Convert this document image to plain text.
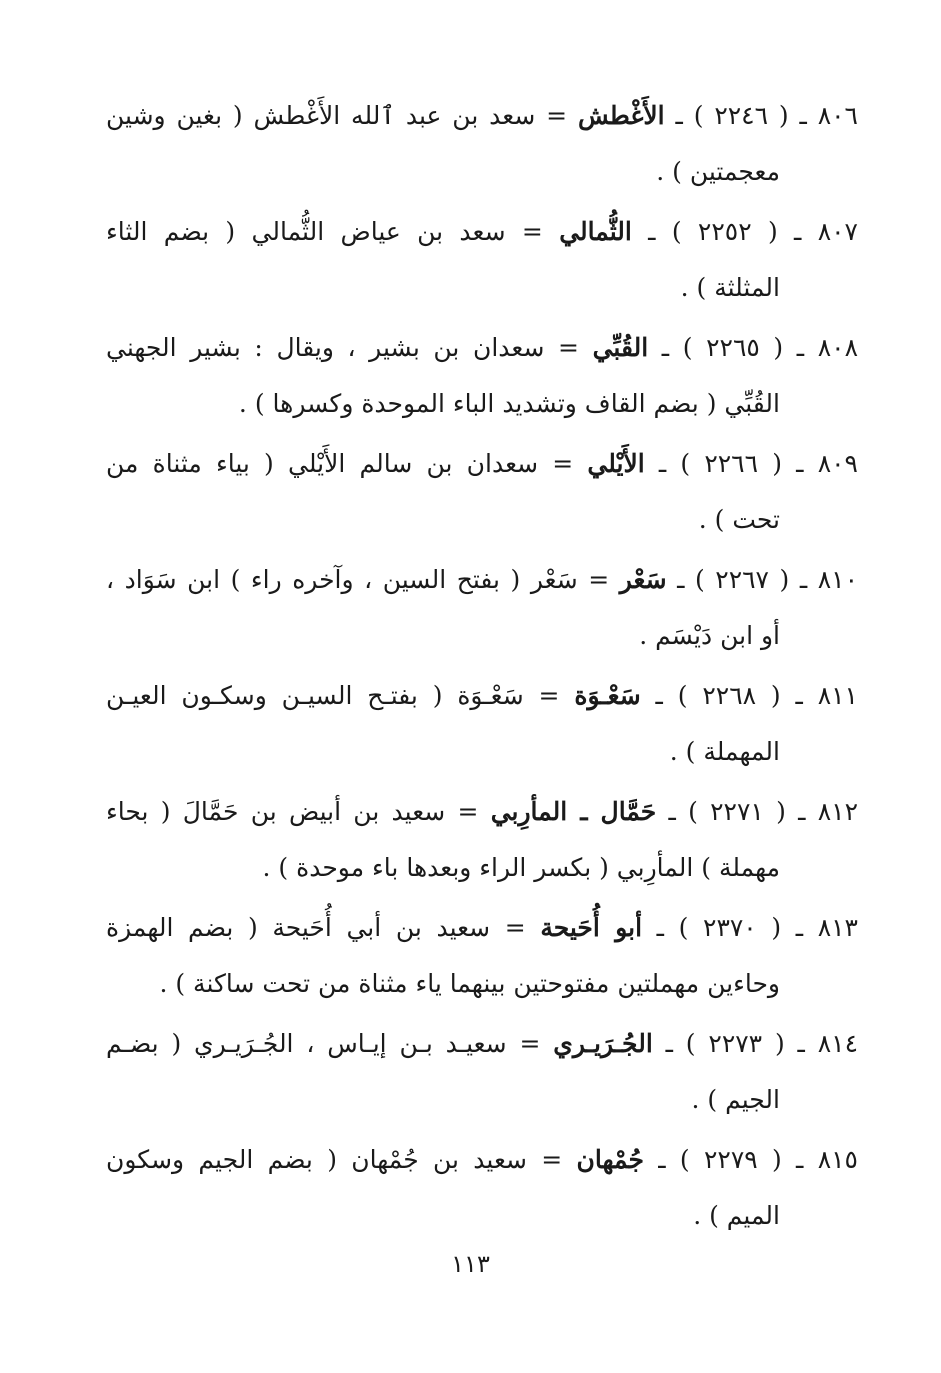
٨٠٦ ـ ( ٢٢٤٦ ) ـ الأَغْطش = سعد بن عبد ٱلله الأَغْطش ( بغين وشين
معجمتين ) .
٨٠٧ ـ ( ٢٢٥٢ ) ـ الثُّمالي = سعد بن عياض الثُّمالي ( بضم الثاء
المثلثة ) .
٨٠٨ ـ ( ٢٢٦٥ ) ـ القُبِّي = سعدان بن بشير ، ويقال : بشير الجهني
القُبِّي ( بضم القاف وتشديد الباء الموحدة وكسرها ) .
٨٠٩ ـ ( ٢٢٦٦ ) ـ الأَيْلي = سعدان بن سالم الأَيْلي ( بياء مثناة من
تحت ) .
٨١٠ ـ ( ٢٢٦٧ ) ـ سَعْر = سَعْر ( بفتح السين ، وآخره راء ) ابن سَوَاد ،
أو ابن دَيْسَم .
٨١١ ـ ( ٢٢٦٨ ) ـ سَعْـوَة = سَعْـوَة ( بفتـح السيـن وسكـون العيـن
المهملة ) .
٨١٢ ـ ( ٢٢٧١ ) ـ حَمَّال ـ المأرِبي = سعيد بن أبيض بن حَمَّالَ ( بحاء
مهملة ) المأرِبي ( بكسر الراء وبعدها باء موحدة ) .
٨١٣ ـ ( ٢٣٧٠ ) ـ أبو أُحَيحة = سعيد بن أبي أُحَيحة ( بضم الهمزة
وحاءين مهملتين مفتوحتين بينهما ياء مثناة من تحت ساكنة ) .
٨١٤ ـ ( ٢٢٧٣ ) ـ الجُـرَيـري = سعيـد بـن إيـاس ، الجُـرَيـري ( بضـم
الجيم ) .
٨١٥ ـ ( ٢٢٧٩ ) ـ جُمْهان = سعيد بن جُمْهان ( بضم الجيم وسكون
الميم ) .
١١٣
